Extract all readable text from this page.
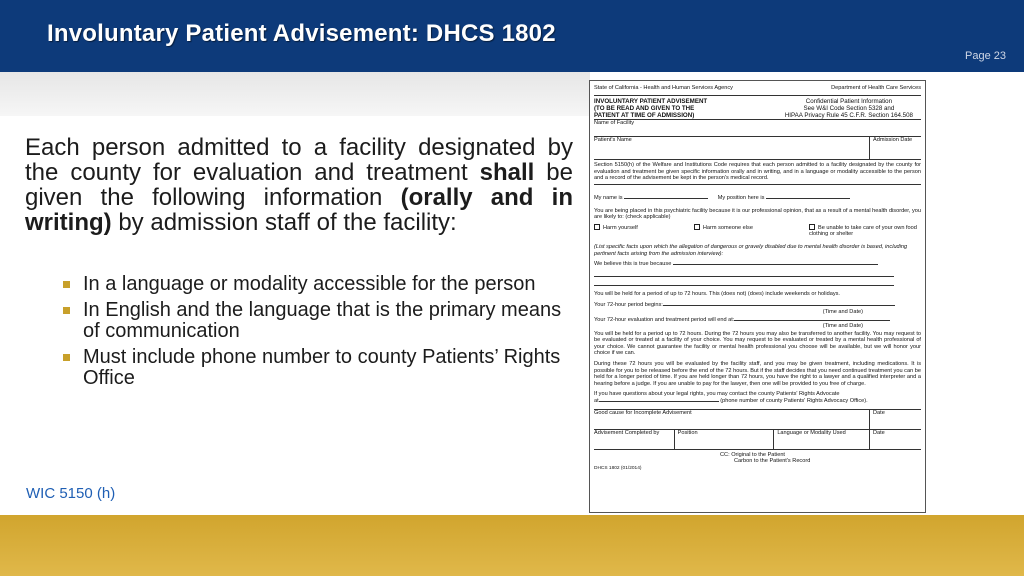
Involuntary Patient Advisement: DHCS 1802
Page 23

Each person admitted to a facility designated by the county for evaluation and treatment shall be given the following information (orally and in writing) by admission staff of the facility:

In a language or modality accessible for the person
In English and the language that is the primary means of communication
Must include phone number to county Patients’ Rights Office
WIC 5150 (h)
State of California - Health and Human Services Agency	Department of Health Care Services
INVOLUNTARY PATIENT ADVISEMENT
(TO BE READ AND GIVEN TO THE
PATIENT AT TIME OF ADMISSION)
Confidential Patient Information
See W&I Code Section 5328 and
HIPAA Privacy Rule 45 C.F.R. Section 164.508
Name of Facility
Patient's Name	Admission Date
Section 5150(h) of the Welfare and Institutions Code requires that each person admitted to a facility designated by the county for evaluation and treatment be given specific information orally and in writing, and in a language or modality accessible to the person and a record of the advisement be kept in the person's medical record.
My name is	My position here is
You are being placed in this psychiatric facility because it is our professional opinion, that as a result of a mental health disorder, you are likely to: (check applicable)
Harm yourself	Harm someone else	Be unable to take care of your own food clothing or shelter
(List specific facts upon which the allegation of dangerous or gravely disabled due to mental health disorder is based, including pertinent facts arising from the admission interview):
We believe this is true because
You will be held for a period of up to 72 hours. This (does not) (does) include weekends or holidays.
Your 72-hour period begins:
(Time and Date)
Your 72-hour evaluation and treatment period will end at:
(Time and Date)
You will be held for a period up to 72 hours. During the 72 hours you may also be transferred to another facility. You may request to be evaluated or treated at a facility of your choice. You may request to be evaluated or treated by a mental health professional of your choice. We cannot guarantee the facility or mental health professional you choose will be available, but we will honor your choice if we can.
During these 72 hours you will be evaluated by the facility staff, and you may be given treatment, including medications. It is possible for you to be released before the end of the 72 hours. But if the staff decides that you need continued treatment you can be held for a longer period of time. If you are held longer than 72 hours, you have the right to a lawyer and a qualified interpreter and a hearing before a judge. If you are unable to pay for the lawyer, then one will be provided to you free of charge.
If you have questions about your legal rights, you may contact the county Patients' Rights Advocate
at	(phone number of county Patients' Rights Advocacy Office).
Good cause for Incomplete Advisement	Date
Advisement Completed by	Position	Language or Modality Used	Date
CC: Original to the Patient
Carbon to the Patient's Record
DHCS 1802 (01/2014)
